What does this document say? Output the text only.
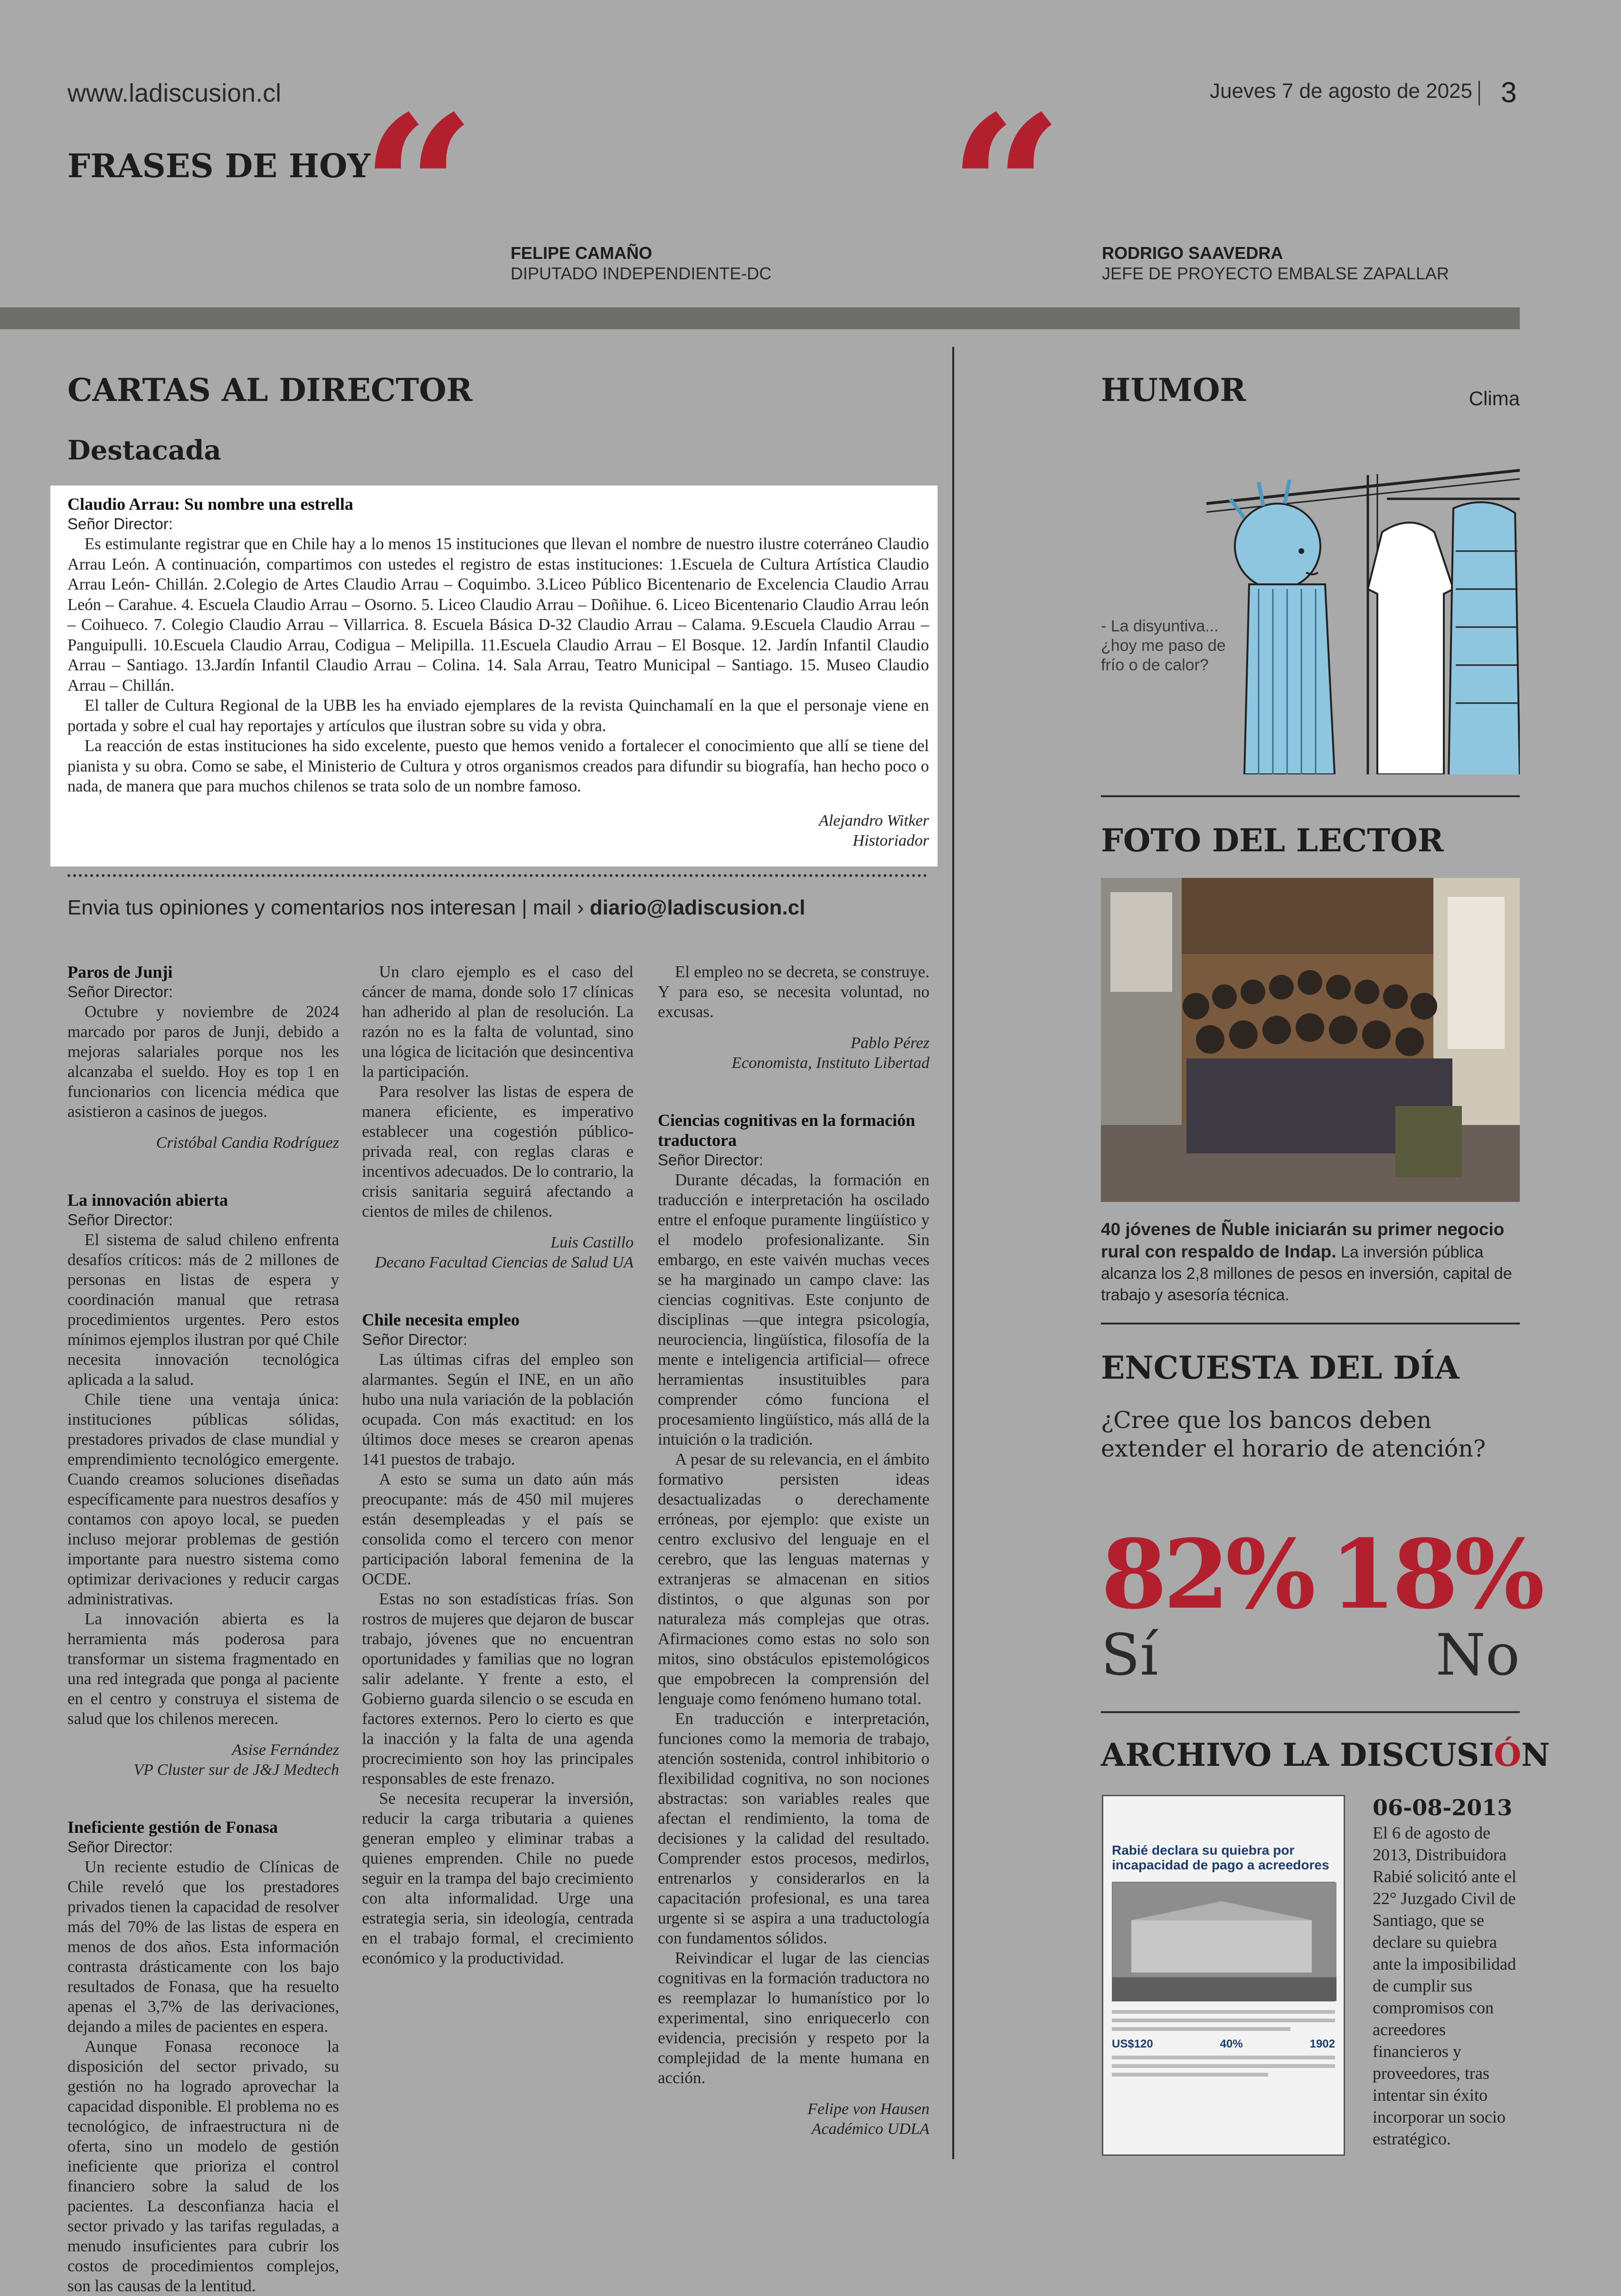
www.ladiscusion.cl	Jueves 7 de agosto de 2025 3
FRASES DE HOY
“ FELIPE CAMAÑO
DIPUTADO INDEPENDIENTE-DC “ RODRIGO SAAVEDRA
JEFE DE PROYECTO EMBALSE ZAPALLAR
CARTAS AL DIRECTOR
Destacada
Claudio Arrau: Su nombre una estrella
Señor Director:

Es estimulante registrar que en Chile hay a lo menos 15 instituciones que llevan el nombre de nuestro ilustre coterráneo Claudio Arrau León. A continuación, compartimos con ustedes el registro de estas instituciones: 1.Escuela de Cultura Artística Claudio Arrau León- Chillán. 2.Colegio de Artes Claudio Arrau – Coquimbo. 3.Liceo Público Bicentenario de Excelencia Claudio Arrau León – Carahue. 4. Escuela Claudio Arrau – Osorno. 5. Liceo Claudio Arrau – Doñihue. 6. Liceo Bicentenario Claudio Arrau león – Coihueco. 7. Colegio Claudio Arrau – Villarrica. 8. Escuela Básica D-32 Claudio Arrau – Calama. 9.Escuela Claudio Arrau – Panguipulli. 10.Escuela Claudio Arrau, Codigua – Melipilla. 11.Escuela Claudio Arrau – El Bosque. 12. Jardín Infantil Claudio Arrau – Santiago. 13.Jardín Infantil Claudio Arrau – Colina. 14. Sala Arrau, Teatro Municipal – Santiago. 15. Museo Claudio Arrau – Chillán.

El taller de Cultura Regional de la UBB les ha enviado ejemplares de la revista Quinchamalí en la que el personaje viene en portada y sobre el cual hay reportajes y artículos que ilustran sobre su vida y obra.

La reacción de estas instituciones ha sido excelente, puesto que hemos venido a fortalecer el conocimiento que allí se tiene del pianista y su obra. Como se sabe, el Ministerio de Cultura y otros organismos creados para difundir su biografía, han hecho poco o nada, de manera que para muchos chilenos se trata solo de un nombre famoso.

Alejandro Witker
Historiador
Envia tus opiniones y comentarios nos interesan | mail › diario@ladiscusion.cl
Paros de Junji
Señor Director:

Octubre y noviembre de 2024 marcado por paros de Junji, debido a mejoras salariales porque nos les alcanzaba el sueldo. Hoy es top 1 en funcionarios con licencia médica que asistieron a casinos de juegos.

Cristóbal Candia Rodríguez
La innovación abierta
Señor Director:

El sistema de salud chileno enfrenta desafíos críticos: más de 2 millones de personas en listas de espera y coordinación manual que retrasa procedimientos urgentes. Pero estos mínimos ejemplos ilustran por qué Chile necesita innovación tecnológica aplicada a la salud.

Chile tiene una ventaja única: instituciones públicas sólidas, prestadores privados de clase mundial y emprendimiento tecnológico emergente. Cuando creamos soluciones diseñadas específicamente para nuestros desafíos y contamos con apoyo local, se pueden incluso mejorar problemas de gestión importante para nuestro sistema como optimizar derivaciones y reducir cargas administrativas.

La innovación abierta es la herramienta más poderosa para transformar un sistema fragmentado en una red integrada que ponga al paciente en el centro y construya el sistema de salud que los chilenos merecen.

Asise Fernández
VP Cluster sur de J&J Medtech
Ineficiente gestión de Fonasa
Señor Director:

Un reciente estudio de Clínicas de Chile reveló que los prestadores privados tienen la capacidad de resolver más del 70% de las listas de espera en menos de dos años. Esta información contrasta drásticamente con los bajo resultados de Fonasa, que ha resuelto apenas el 3,7% de las derivaciones, dejando a miles de pacientes en espera.

Aunque Fonasa reconoce la disposición del sector privado, su gestión no ha logrado aprovechar la capacidad disponible. El problema no es tecnológico, de infraestructura ni de oferta, sino un modelo de gestión ineficiente que prioriza el control financiero sobre la salud de los pacientes. La desconfianza hacia el sector privado y las tarifas reguladas, a menudo insuficientes para cubrir los costos de procedimientos complejos, son las causas de la lentitud.

Un claro ejemplo es el caso del cáncer de mama, donde solo 17 clínicas han adherido al plan de resolución. La razón no es la falta de voluntad, sino una lógica de licitación que desincentiva la participación.

Para resolver las listas de espera de manera eficiente, es imperativo establecer una cogestión público-privada real, con reglas claras e incentivos adecuados. De lo contrario, la crisis sanitaria seguirá afectando a cientos de miles de chilenos.

Luis Castillo
Decano Facultad Ciencias de Salud UA
Chile necesita empleo
Señor Director:

Las últimas cifras del empleo son alarmantes. Según el INE, en un año hubo una nula variación de la población ocupada. Con más exactitud: en los últimos doce meses se crearon apenas 141 puestos de trabajo.

A esto se suma un dato aún más preocupante: más de 450 mil mujeres están desempleadas y el país se consolida como el tercero con menor participación laboral femenina de la OCDE.

Estas no son estadísticas frías. Son rostros de mujeres que dejaron de buscar trabajo, jóvenes que no encuentran oportunidades y familias que no logran salir adelante. Y frente a esto, el Gobierno guarda silencio o se escuda en factores externos. Pero lo cierto es que la inacción y la falta de una agenda procrecimiento son hoy las principales responsables de este frenazo.

Se necesita recuperar la inversión, reducir la carga tributaria a quienes generan empleo y eliminar trabas a quienes emprenden. Chile no puede seguir en la trampa del bajo crecimiento con alta informalidad. Urge una estrategia seria, sin ideología, centrada en el trabajo formal, el crecimiento económico y la productividad.

El empleo no se decreta, se construye. Y para eso, se necesita voluntad, no excusas.

Pablo Pérez
Economista, Instituto Libertad
Ciencias cognitivas en la formación traductora
Señor Director:

Durante décadas, la formación en traducción e interpretación ha oscilado entre el enfoque puramente lingüístico y el modelo profesionalizante. Sin embargo, en este vaivén muchas veces se ha marginado un campo clave: las ciencias cognitivas. Este conjunto de disciplinas —que integra psicología, neurociencia, lingüística, filosofía de la mente e inteligencia artificial— ofrece herramientas insustituibles para comprender cómo funciona el procesamiento lingüístico, más allá de la intuición o la tradición.

A pesar de su relevancia, en el ámbito formativo persisten ideas desactualizadas o derechamente erróneas, por ejemplo: que existe un centro exclusivo del lenguaje en el cerebro, que las lenguas maternas y extranjeras se almacenan en sitios distintos, o que algunas son por naturaleza más complejas que otras. Afirmaciones como estas no solo son mitos, sino obstáculos epistemológicos que empobrecen la comprensión del lenguaje como fenómeno humano total.

En traducción e interpretación, funciones como la memoria de trabajo, atención sostenida, control inhibitorio o flexibilidad cognitiva, no son nociones abstractas: son variables reales que afectan el rendimiento, la toma de decisiones y la calidad del resultado. Comprender estos procesos, medirlos, entrenarlos y considerarlos en la capacitación profesional, es una tarea urgente si se aspira a una traductología con fundamentos sólidos.

Reivindicar el lugar de las ciencias cognitivas en la formación traductora no es reemplazar lo humanístico por lo experimental, sino enriquecerlo con evidencia, precisión y respeto por la complejidad de la mente humana en acción.

Felipe von Hausen
Académico UDLA
HUMOR	Clima
- La disyuntiva... ¿hoy me paso de frío o de calor?
FOTO DEL LECTOR
40 jóvenes de Ñuble iniciarán su primer negocio rural con respaldo de Indap. La inversión pública alcanza los 2,8 millones de pesos en inversión, capital de trabajo y asesoría técnica.
ENCUESTA DEL DÍA
¿Cree que los bancos deben extender el horario de atención?
82%
Sí
18%
No
ARCHIVO LA DISCUSIÓN
Rabié declara su quiebra por incapacidad de pago a acreedores
US$120	40%	1902
06-08-2013
El 6 de agosto de 2013, Distribuidora Rabié solicitó ante el 22° Juzgado Civil de Santiago, que se declare su quiebra ante la imposibilidad de cumplir sus compromisos con acreedores financieros y proveedores, tras intentar sin éxito incorporar un socio estratégico.
